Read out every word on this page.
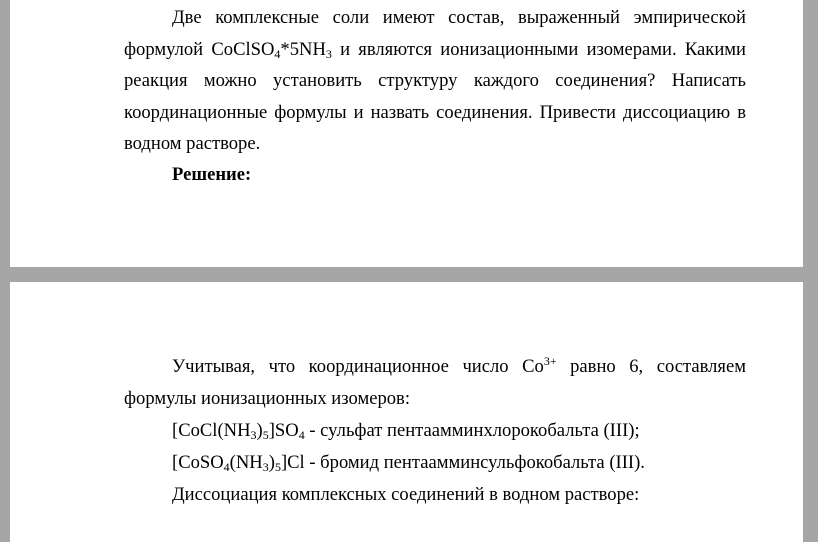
Две комплексные соли имеют состав, выраженный эмпирической
формулой $CoClSO_4*5NH_3$ и являются ионизационными изомерами. Какими
реакция можно установить структуру каждого соединения? Написать
координационные формулы и назвать соединения. Привести диссоциацию в
водном растворе.
Решение:
Учитывая, что координационное число $Co^{3+}$ равно 6, составляем
формулы ионизационных изомеров:
$[CoCl(NH_3)_5]SO_4$ - сульфат пентаамминхлорокобальта (III);
$[CoSO_4(NH_3)_5]Cl$ - бромид пентаамминсульфокобальта (III).
Диссоциация комплексных соединений в водном растворе:
